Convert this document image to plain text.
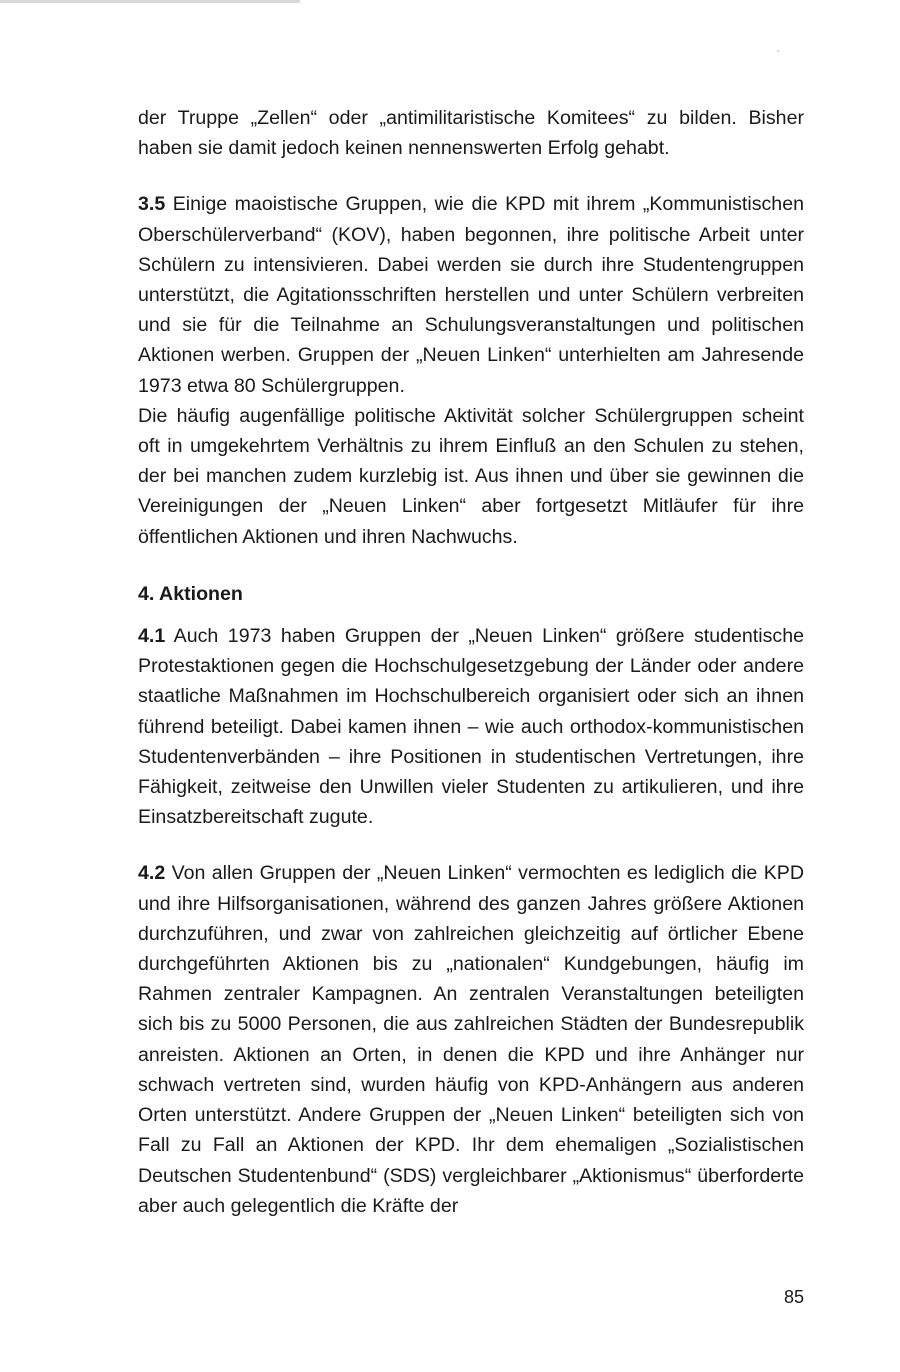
der Truppe „Zellen“ oder „antimilitaristische Komitees“ zu bilden. Bisher haben sie damit jedoch keinen nennenswerten Erfolg gehabt.

3.5 Einige maoistische Gruppen, wie die KPD mit ihrem „Kommunistischen Oberschülerverband“ (KOV), haben begonnen, ihre politische Arbeit unter Schülern zu intensivieren. Dabei werden sie durch ihre Studentengruppen unterstützt, die Agitationsschriften herstellen und unter Schülern verbreiten und sie für die Teilnahme an Schulungsveranstaltungen und politischen Aktionen werben. Gruppen der „Neuen Linken“ unterhielten am Jahresende 1973 etwa 80 Schülergruppen.

Die häufig augenfällige politische Aktivität solcher Schülergruppen scheint oft in umgekehrtem Verhältnis zu ihrem Einfluß an den Schulen zu stehen, der bei manchen zudem kurzlebig ist. Aus ihnen und über sie gewinnen die Vereinigungen der „Neuen Linken“ aber fortgesetzt Mitläufer für ihre öffentlichen Aktionen und ihren Nachwuchs.

4. Aktionen

4.1 Auch 1973 haben Gruppen der „Neuen Linken“ größere studentische Protestaktionen gegen die Hochschulgesetzgebung der Länder oder andere staatliche Maßnahmen im Hochschulbereich organisiert oder sich an ihnen führend beteiligt. Dabei kamen ihnen – wie auch orthodox-kommunistischen Studentenverbänden – ihre Positionen in studentischen Vertretungen, ihre Fähigkeit, zeitweise den Unwillen vieler Studenten zu artikulieren, und ihre Einsatzbereitschaft zugute.

4.2 Von allen Gruppen der „Neuen Linken“ vermochten es lediglich die KPD und ihre Hilfsorganisationen, während des ganzen Jahres größere Aktionen durchzuführen, und zwar von zahlreichen gleichzeitig auf örtlicher Ebene durchgeführten Aktionen bis zu „nationalen“ Kundgebungen, häufig im Rahmen zentraler Kampagnen. An zentralen Veranstaltungen beteiligten sich bis zu 5000 Personen, die aus zahlreichen Städten der Bundesrepublik anreisten. Aktionen an Orten, in denen die KPD und ihre Anhänger nur schwach vertreten sind, wurden häufig von KPD-Anhängern aus anderen Orten unterstützt. Andere Gruppen der „Neuen Linken“ beteiligten sich von Fall zu Fall an Aktionen der KPD. Ihr dem ehemaligen „Sozialistischen Deutschen Studentenbund“ (SDS) vergleichbarer „Aktionismus“ überforderte aber auch gelegentlich die Kräfte der

85
